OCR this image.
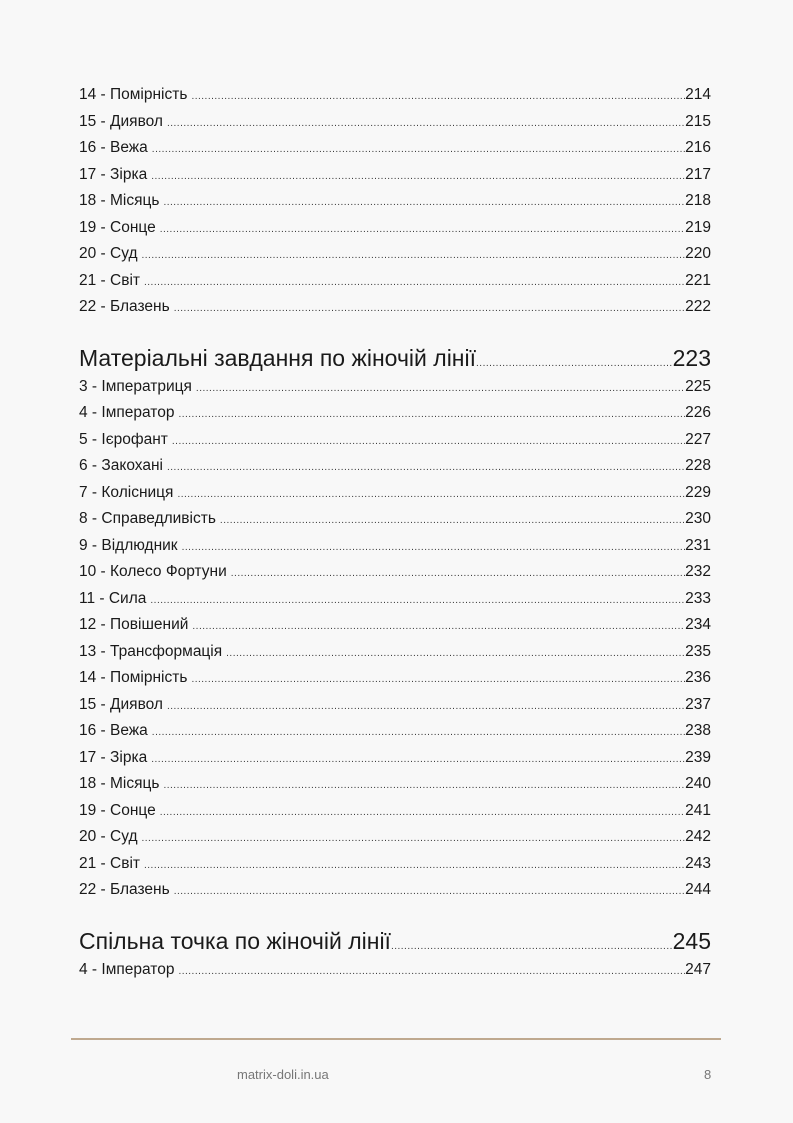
14 - Помірність .....	214
15 - Диявол .....	215
16 - Вежа .....	216
17 - Зірка .....	217
18 - Місяць .....	218
19 - Сонце .....	219
20 - Суд .....	220
21 - Світ .....	221
22 - Блазень .....	222
Матеріальні завдання по жіночій лінії .....	223
3 - Імператриця .....	225
4 - Імператор .....	226
5 - Ієрофант .....	227
6 - Закохані .....	228
7 - Колісниця .....	229
8 - Справедливість .....	230
9 - Відлюдник .....	231
10 - Колесо Фортуни .....	232
11 - Сила .....	233
12 - Повішений .....	234
13 - Трансформація .....	235
14 - Помірність .....	236
15 - Диявол .....	237
16 - Вежа .....	238
17 - Зірка .....	239
18 - Місяць .....	240
19 - Сонце .....	241
20 - Суд .....	242
21 - Світ .....	243
22 - Блазень .....	244
Спільна точка по жіночій лінії .....	245
4 - Імператор .....	247
matrix-doli.in.ua	8
